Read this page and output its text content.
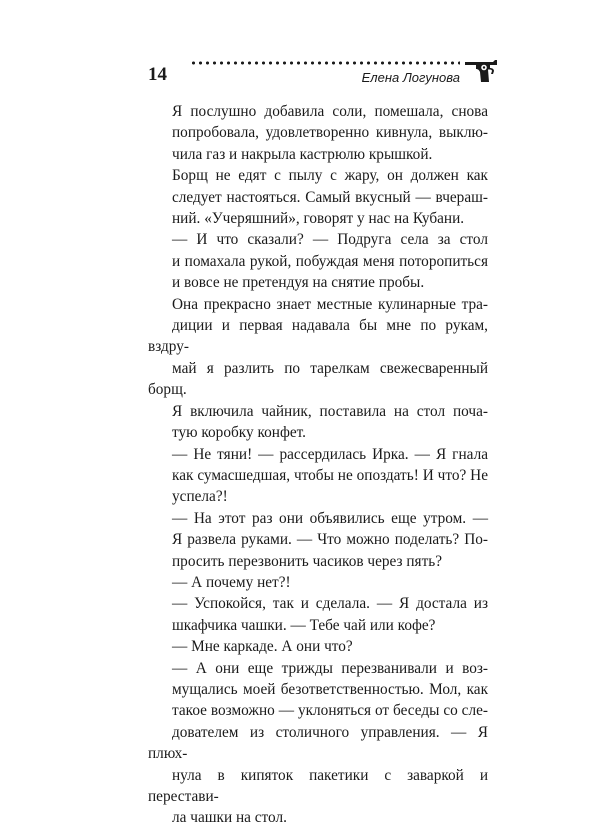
14	Елена Логунова

Я послушно добавила соли, помешала, снова
попробовала, удовлетворенно кивнула, выклю-
чила газ и накрыла кастрюлю крышкой.

Борщ не едят с пылу с жару, он должен как
следует настояться. Самый вкусный — вчераш-
ний. «Учеряшний», говорят у нас на Кубани.

— И что сказали? — Подруга села за стол
и помахала рукой, побуждая меня поторопиться
и вовсе не претендуя на снятие пробы.

Она прекрасно знает местные кулинарные тра-
диции и первая надавала бы мне по рукам, вздру-
май я разлить по тарелкам свежесваренный борщ.

Я включила чайник, поставила на стол поча-
тую коробку конфет.

— Не тяни! — рассердилась Ирка. — Я гнала
как сумасшедшая, чтобы не опоздать! И что? Не
успела?!

— На этот раз они объявились еще утром. —
Я развела руками. — Что можно поделать? По-
просить перезвонить часиков через пять?

— А почему нет?!

— Успокойся, так и сделала. — Я достала из
шкафчика чашки. — Тебе чай или кофе?

— Мне каркаде. А они что?

— А они еще трижды перезванивали и воз-
мущались моей безответственностью. Мол, как
такое возможно — уклоняться от беседы со сле-
дователем из столичного управления. — Я плюх-
нула в кипяток пакетики с заваркой и перестави-
ла чашки на стол.
